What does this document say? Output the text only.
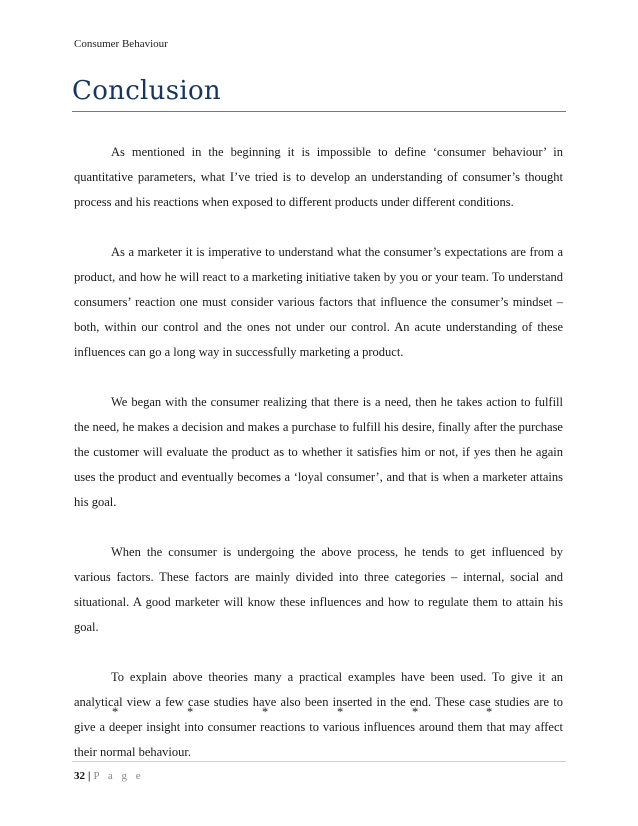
Consumer Behaviour
Conclusion

As mentioned in the beginning it is impossible to define ‘consumer behaviour’ in quantitative parameters, what I’ve tried is to develop an understanding of consumer’s thought process and his reactions when exposed to different products under different conditions.

As a marketer it is imperative to understand what the consumer’s expectations are from a product, and how he will react to a marketing initiative taken by you or your team. To understand consumers’ reaction one must consider various factors that influence the consumer’s mindset – both, within our control and the ones not under our control. An acute understanding of these influences can go a long way in successfully marketing a product.

We began with the consumer realizing that there is a need, then he takes action to fulfill the need, he makes a decision and makes a purchase to fulfill his desire, finally after the purchase the customer will evaluate the product as to whether it satisfies him or not, if yes then he again uses the product and eventually becomes a ‘loyal consumer’, and that is when a marketer attains his goal.

When the consumer is undergoing the above process, he tends to get influenced by various factors. These factors are mainly divided into three categories – internal, social and situational. A good marketer will know these influences and how to regulate them to attain his goal.

To explain above theories many a practical examples have been used. To give it an analytical view a few case studies have also been inserted in the end. These case studies are to give a deeper insight into consumer reactions to various influences around them that may affect their normal behaviour.

*	*	*	*	*	*
32 | P a g e
